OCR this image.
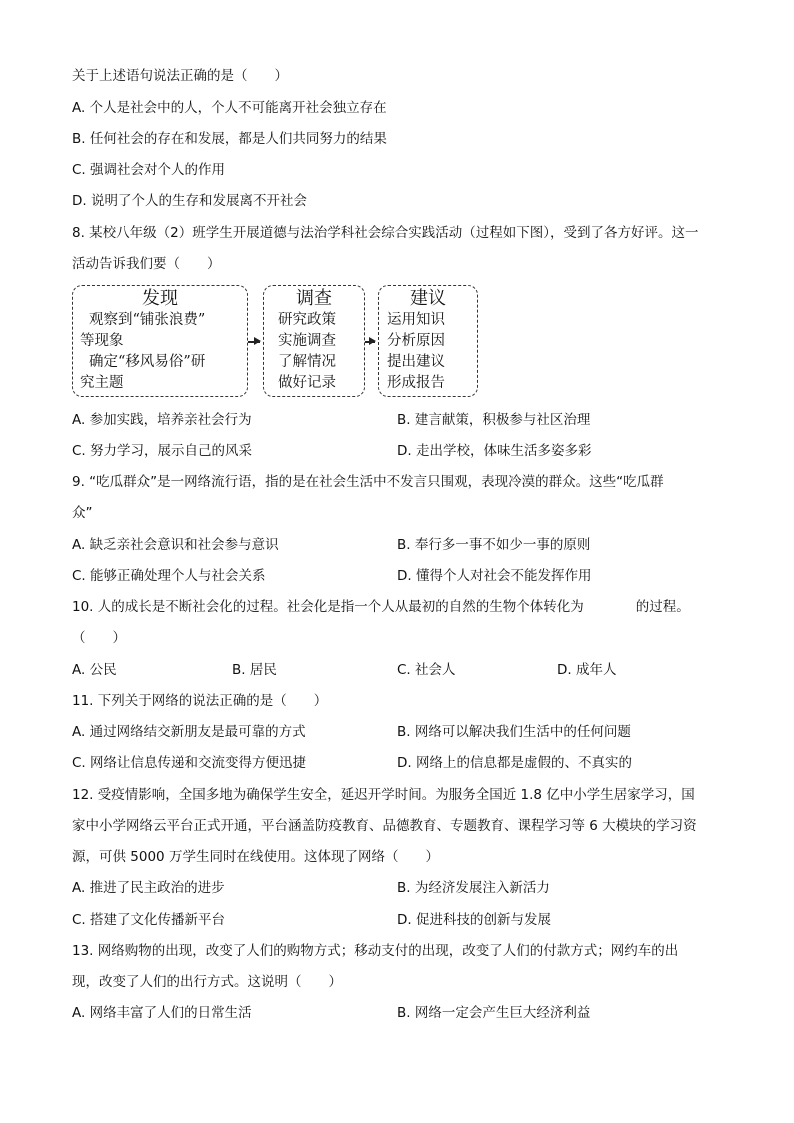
关于上述语句说法正确的是（　　）
A. 个人是社会中的人，个人不可能离开社会独立存在
B. 任何社会的存在和发展，都是人们共同努力的结果
C. 强调社会对个人的作用
D. 说明了个人的生存和发展离不开社会
8. 某校八年级（2）班学生开展道德与法治学科社会综合实践活动（过程如下图），受到了各方好评。这一
活动告诉我们要（　　）
发现
观察到“铺张浪费”
等现象
确定“移风易俗”研
究主题
调查
研究政策
实施调查
了解情况
做好记录
建议
运用知识
分析原因
提出建议
形成报告
A. 参加实践，培养亲社会行为	B. 建言献策，积极参与社区治理
C. 努力学习，展示自己的风采	D. 走出学校，体味生活多姿多彩
9. “吃瓜群众”是一网络流行语，指的是在社会生活中不发言只围观，表现冷漠的群众。这些“吃瓜群
众”
A. 缺乏亲社会意识和社会参与意识	B. 奉行多一事不如少一事的原则
C. 能够正确处理个人与社会关系	D. 懂得个人对社会不能发挥作用
10. 人的成长是不断社会化的过程。社会化是指一个人从最初的自然的生物个体转化为	的过程。
（　　）
A. 公民	B. 居民	C. 社会人	D. 成年人
11. 下列关于网络的说法正确的是（　　）
A. 通过网络结交新朋友是最可靠的方式	B. 网络可以解决我们生活中的任何问题
C. 网络让信息传递和交流变得方便迅捷	D. 网络上的信息都是虚假的、不真实的
12. 受疫情影响，全国多地为确保学生安全，延迟开学时间。为服务全国近 1.8 亿中小学生居家学习，国
家中小学网络云平台正式开通，平台涵盖防疫教育、品德教育、专题教育、课程学习等 6 大模块的学习资
源，可供 5000 万学生同时在线使用。这体现了网络（　　）
A. 推进了民主政治的进步	B. 为经济发展注入新活力
C. 搭建了文化传播新平台	D. 促进科技的创新与发展
13. 网络购物的出现，改变了人们的购物方式；移动支付的出现，改变了人们的付款方式；网约车的出
现，改变了人们的出行方式。这说明（　　）
A. 网络丰富了人们的日常生活	B. 网络一定会产生巨大经济利益
